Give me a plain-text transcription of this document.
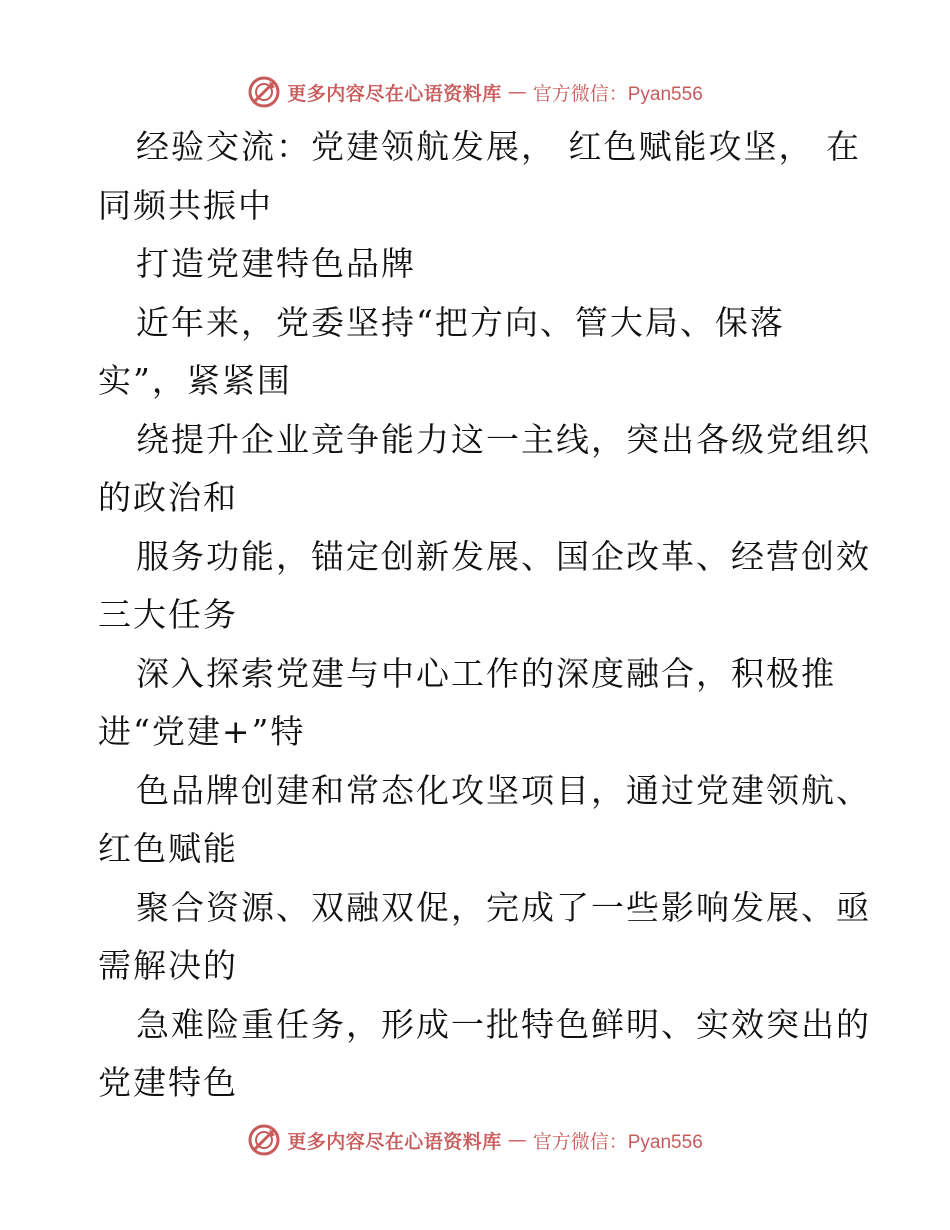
更多内容尽在心语资料库 — 官方微信：Pyan556
经验交流：党建领航发展， 红色赋能攻坚， 在
同频共振中
打造党建特色品牌
近年来，党委坚持“把方向、管大局、保落
实”，紧紧围
绕提升企业竞争能力这一主线，突出各级党组织
的政治和
服务功能，锚定创新发展、国企改革、经营创效
三大任务
深入探索党建与中心工作的深度融合，积极推
进“党建+”特
色品牌创建和常态化攻坚项目，通过党建领航、
红色赋能
聚合资源、双融双促，完成了一些影响发展、亟
需解决的
急难险重任务，形成一批特色鲜明、实效突出的
党建特色
更多内容尽在心语资料库 — 官方微信：Pyan556
